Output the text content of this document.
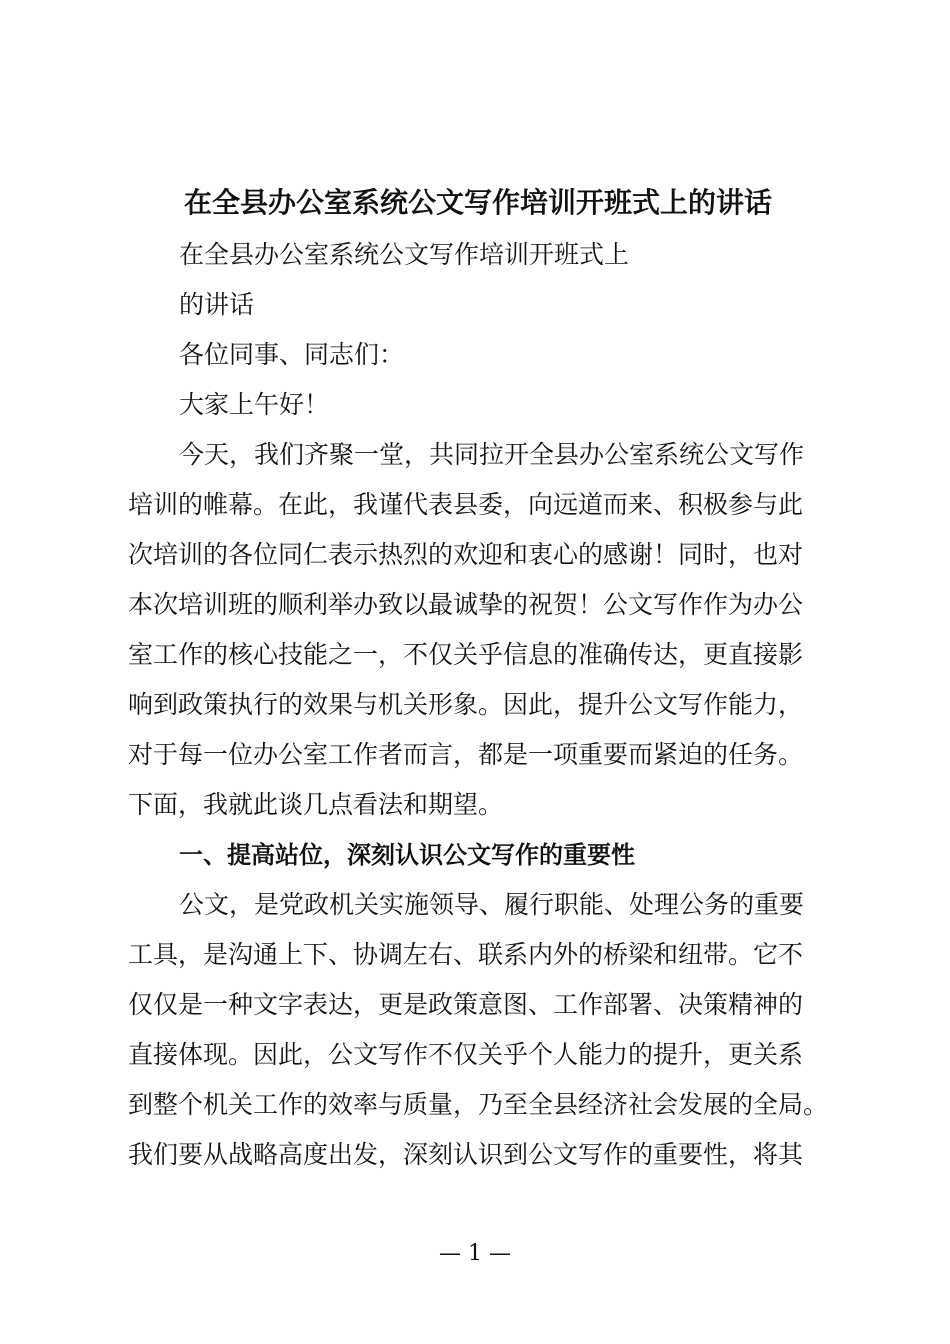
在全县办公室系统公文写作培训开班式上的讲话
在全县办公室系统公文写作培训开班式上
的讲话
各位同事、同志们：
大家上午好！
今天，我们齐聚一堂，共同拉开全县办公室系统公文写作
培训的帷幕。在此，我谨代表县委，向远道而来、积极参与此
次培训的各位同仁表示热烈的欢迎和衷心的感谢！同时，也对
本次培训班的顺利举办致以最诚挚的祝贺！公文写作作为办公
室工作的核心技能之一，不仅关乎信息的准确传达，更直接影
响到政策执行的效果与机关形象。因此，提升公文写作能力，
对于每一位办公室工作者而言，都是一项重要而紧迫的任务。
下面，我就此谈几点看法和期望。
一、提高站位，深刻认识公文写作的重要性
公文，是党政机关实施领导、履行职能、处理公务的重要
工具，是沟通上下、协调左右、联系内外的桥梁和纽带。它不
仅仅是一种文字表达，更是政策意图、工作部署、决策精神的
直接体现。因此，公文写作不仅关乎个人能力的提升，更关系
到整个机关工作的效率与质量，乃至全县经济社会发展的全局。
我们要从战略高度出发，深刻认识到公文写作的重要性，将其
— 1 —
